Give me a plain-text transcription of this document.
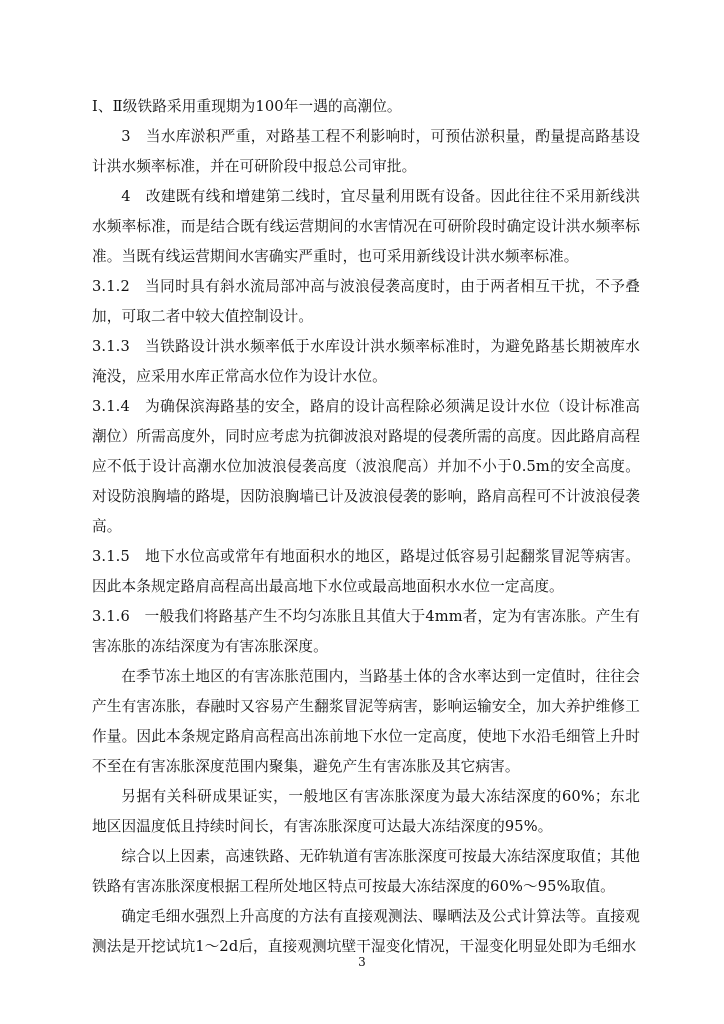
Ⅰ、Ⅱ级铁路采用重现期为100年一遇的高潮位。

3　当水库淤积严重，对路基工程不利影响时，可预估淤积量，酌量提高路基设计洪水频率标准，并在可研阶段中报总公司审批。

4　改建既有线和增建第二线时，宜尽量利用既有设备。因此往往不采用新线洪水频率标准，而是结合既有线运营期间的水害情况在可研阶段时确定设计洪水频率标准。当既有线运营期间水害确实严重时，也可采用新线设计洪水频率标准。

3.1.2　当同时具有斜水流局部冲高与波浪侵袭高度时，由于两者相互干扰，不予叠加，可取二者中较大值控制设计。

3.1.3　当铁路设计洪水频率低于水库设计洪水频率标准时，为避免路基长期被库水淹没，应采用水库正常高水位作为设计水位。

3.1.4　为确保滨海路基的安全，路肩的设计高程除必须满足设计水位（设计标准高潮位）所需高度外，同时应考虑为抗御波浪对路堤的侵袭所需的高度。因此路肩高程应不低于设计高潮水位加波浪侵袭高度（波浪爬高）并加不小于0.5m的安全高度。对设防浪胸墙的路堤，因防浪胸墙已计及波浪侵袭的影响，路肩高程可不计波浪侵袭高。

3.1.5　地下水位高或常年有地面积水的地区，路堤过低容易引起翻浆冒泥等病害。因此本条规定路肩高程高出最高地下水位或最高地面积水水位一定高度。

3.1.6　一般我们将路基产生不均匀冻胀且其值大于4mm者，定为有害冻胀。产生有害冻胀的冻结深度为有害冻胀深度。

在季节冻土地区的有害冻胀范围内，当路基土体的含水率达到一定值时，往往会产生有害冻胀，春融时又容易产生翻浆冒泥等病害，影响运输安全，加大养护维修工作量。因此本条规定路肩高程高出冻前地下水位一定高度，使地下水沿毛细管上升时不至在有害冻胀深度范围内聚集，避免产生有害冻胀及其它病害。

另据有关科研成果证实，一般地区有害冻胀深度为最大冻结深度的60%；东北地区因温度低且持续时间长，有害冻胀深度可达最大冻结深度的95%。

综合以上因素，高速铁路、无砟轨道有害冻胀深度可按最大冻结深度取值；其他铁路有害冻胀深度根据工程所处地区特点可按最大冻结深度的60%～95%取值。

确定毛细水强烈上升高度的方法有直接观测法、曝晒法及公式计算法等。直接观测法是开挖试坑1～2d后，直接观测坑壁干湿变化情况，干湿变化明显处即为毛细水

3
